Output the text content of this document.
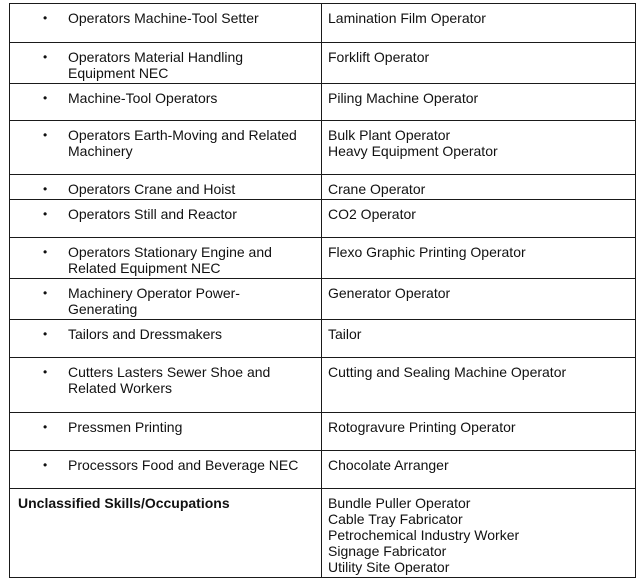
• Operators Machine-Tool Setter	Lamination Film Operator

• Operators Material Handling
Equipment NEC	Forklift Operator

• Machine-Tool Operators	Piling Machine Operator

• Operators Earth-Moving and Related
Machinery	Bulk Plant Operator
Heavy Equipment Operator

• Operators Crane and Hoist	Crane Operator

• Operators Still and Reactor	CO2 Operator

• Operators Stationary Engine and
Related Equipment NEC	Flexo Graphic Printing Operator

• Machinery Operator Power-
Generating	Generator Operator

• Tailors and Dressmakers	Tailor

• Cutters Lasters Sewer Shoe and
Related Workers	Cutting and Sealing Machine Operator

• Pressmen Printing	Rotogravure Printing Operator

• Processors Food and Beverage NEC	Chocolate Arranger

Unclassified Skills/Occupations	Bundle Puller Operator
Cable Tray Fabricator
Petrochemical Industry Worker
Signage Fabricator
Utility Site Operator
